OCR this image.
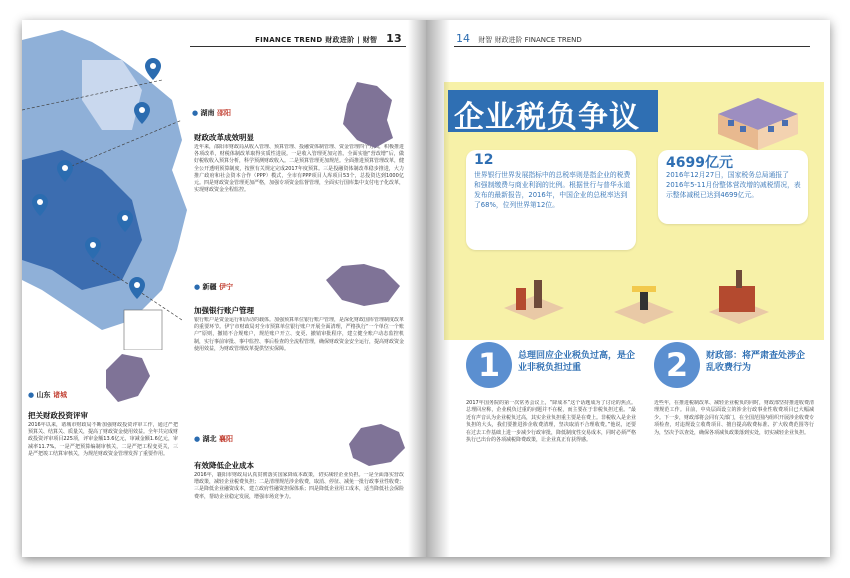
FINANCE TREND 财政进阶 | 财智 13
● 湖南 邵阳
财政改革成效明显
近年来，邵阳市财政局从收入管理、预算管理、投融资体制管理、资金管理四个方面，积极推进各项改革，财税体制改革取得实质性进展。一是收入管理更加完善。全面实施“营改增”后，做好税收收入预算分析，科学预测财政收入。二是预算管理更加规范。全面推进预算管理改革，健全公开透明预算制度，按照有关规定完成2017年度预算。三是投融资体制改革稳步推进，大力推广政府和社会资本合作（PPP）模式，全市有PPP项目人库项目53个，总投资达到1000亿元。四是财政资金管理更加严格，加强专项资金监督管理，全面实行国库集中支付电子化改革，实现财政资金全程监控。
● 新疆 伊宁
加强银行账户管理
银行账户是资金运行和活动的载体。加强预算单位银行账户管理，是深化财政国库管理制度改革的重要环节。伊宁市财政局对全市预算单位银行账户开展全面清理，严格执行“一个单位一个账户”原则，撤销不合规账户，规范账户开立、变更、撤销审批程序，建立健全账户动态监控机制，实行事前审批、事中监控、事后检查的全流程管理，确保财政资金安全运行，提高财政资金使用效益，为财政管理改革提供坚实保障。
● 湖北 襄阳
有效降低企业成本
2016年，襄阳市财政局认真贯彻落实国家降成本政策，切实减轻企业负担。一是全面落实营改增政策，减轻企业税费负担；二是清理规范涉企收费，取消、停征、减免一批行政事业性收费；三是降低企业融资成本，建立政府性融资担保体系；四是降低企业用工成本，适当降低社会保险费率，帮助企业稳定发展，增强市场竞争力。
● 山东 诸城
把关财政投资评审
2016年以来，诸城市财政局不断加强财政投资评审工作，通过严把预算关、结算关、质量关，提高了财政资金使用效益。全年共完成财政投资评审项目225项，评审金额13.6亿元，审减金额1.6亿元，审减率11.7%。一是严把预算编制审核关，二是严把工程变更关，三是严把竣工结算审核关，为规范财政资金管理发挥了重要作用。
14 财智 财政进阶 FINANCE TREND
企业税负争议
12
世界银行世界发展指标中的总税率则是指企业的税费和强制缴费与商业利润的比例。根据世行与普华永道发布的最新报告，2016年，中国企业的总税率达到了68%，位列世界第12位。
4699亿元
2016年12月27日，国家税务总局通报了2016年5-11月份整体营改增的减税情况，表示整体减税已达到4699亿元。
1	总理回应企业税负过高，是企业非税负担过重	2	财政部：将严肃查处涉企乱收费行为
2017年国务院的第一次常务会议上，“降成本”这个话题成为了讨论的焦点。总理回应称，企业税负过重的问题并不在税，而主要在于非税负担过重。“最近有声音认为企业税负过高，其实企业负担重主要是在费上。非税收入是企业负担的大头，我们要推进涉企收费清理，坚决取消不合理收费。”他说，还要在过去工作基础上进一步减少行政审批，降低制度性交易成本，同时必须严格执行已出台的各项减税降费政策，让企业真正有获得感。
近些年，在推进税制改革、减轻企业税负的同时，财政部坚持推进收费清理规范工作。目前，中央层面设立的涉企行政事业性收费项目已大幅减少。下一步，财政部将会同有关部门，在全国范围内组织开展涉企收费专项检查，对违规设立收费项目、擅自提高收费标准、扩大收费范围等行为，坚决予以查处，确保各项减负政策落到实处，切实减轻企业负担。
